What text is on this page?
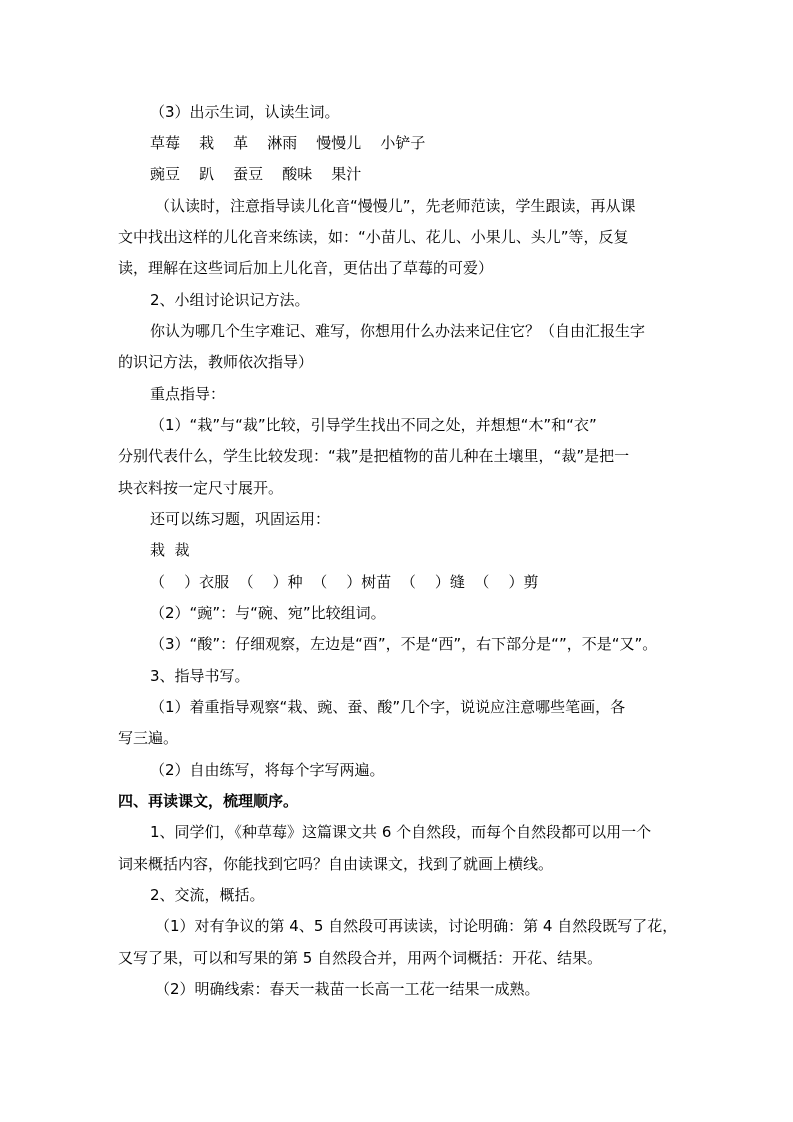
（3）出示生词，认读生词。
草莓    栽    革    淋雨    慢慢儿    小铲子
豌豆    趴    蚕豆    酸味    果汁
（认读时，注意指导读儿化音“慢慢儿”，先老师范读，学生跟读，再从课
文中找出这样的儿化音来练读，如：“小苗儿、花儿、小果儿、头儿”等，反复
读，理解在这些词后加上儿化音，更估出了草莓的可爱）
2、小组讨论识记方法。
你认为哪几个生字难记、难写，你想用什么办法来记住它？（自由汇报生字
的识记方法，教师依次指导）
重点指导：
（1）“栽”与“裁”比较，引导学生找出不同之处，并想想“木”和“衣”
分别代表什么，学生比较发现：“栽”是把植物的苗儿种在土壤里，“裁”是把一
块衣料按一定尺寸展开。
还可以练习题，巩固运用：
栽  裁
（    ）衣服  （    ）种  （    ）树苗  （    ）缝  （    ）剪
（2）“豌”：与“碗、宛”比较组词。
（3）“酸”：仔细观察，左边是“酉”，不是“西”，右下部分是“”，不是“又”。
3、指导书写。
（1）着重指导观察“栽、豌、蚕、酸”几个字，说说应注意哪些笔画，各
写三遍。
（2）自由练写，将每个字写两遍。
四、再读课文，梳理顺序。
1、同学们，《种草莓》这篇课文共 6 个自然段，而每个自然段都可以用一个
词来概括内容，你能找到它吗？自由读课文，找到了就画上横线。
2、交流，概括。
（1）对有争议的第 4、5 自然段可再读读，讨论明确：第 4 自然段既写了花，
又写了果，可以和写果的第 5 自然段合并，用两个词概括：开花、结果。
（2）明确线索：春天一栽苗一长高一工花一结果一成熟。
